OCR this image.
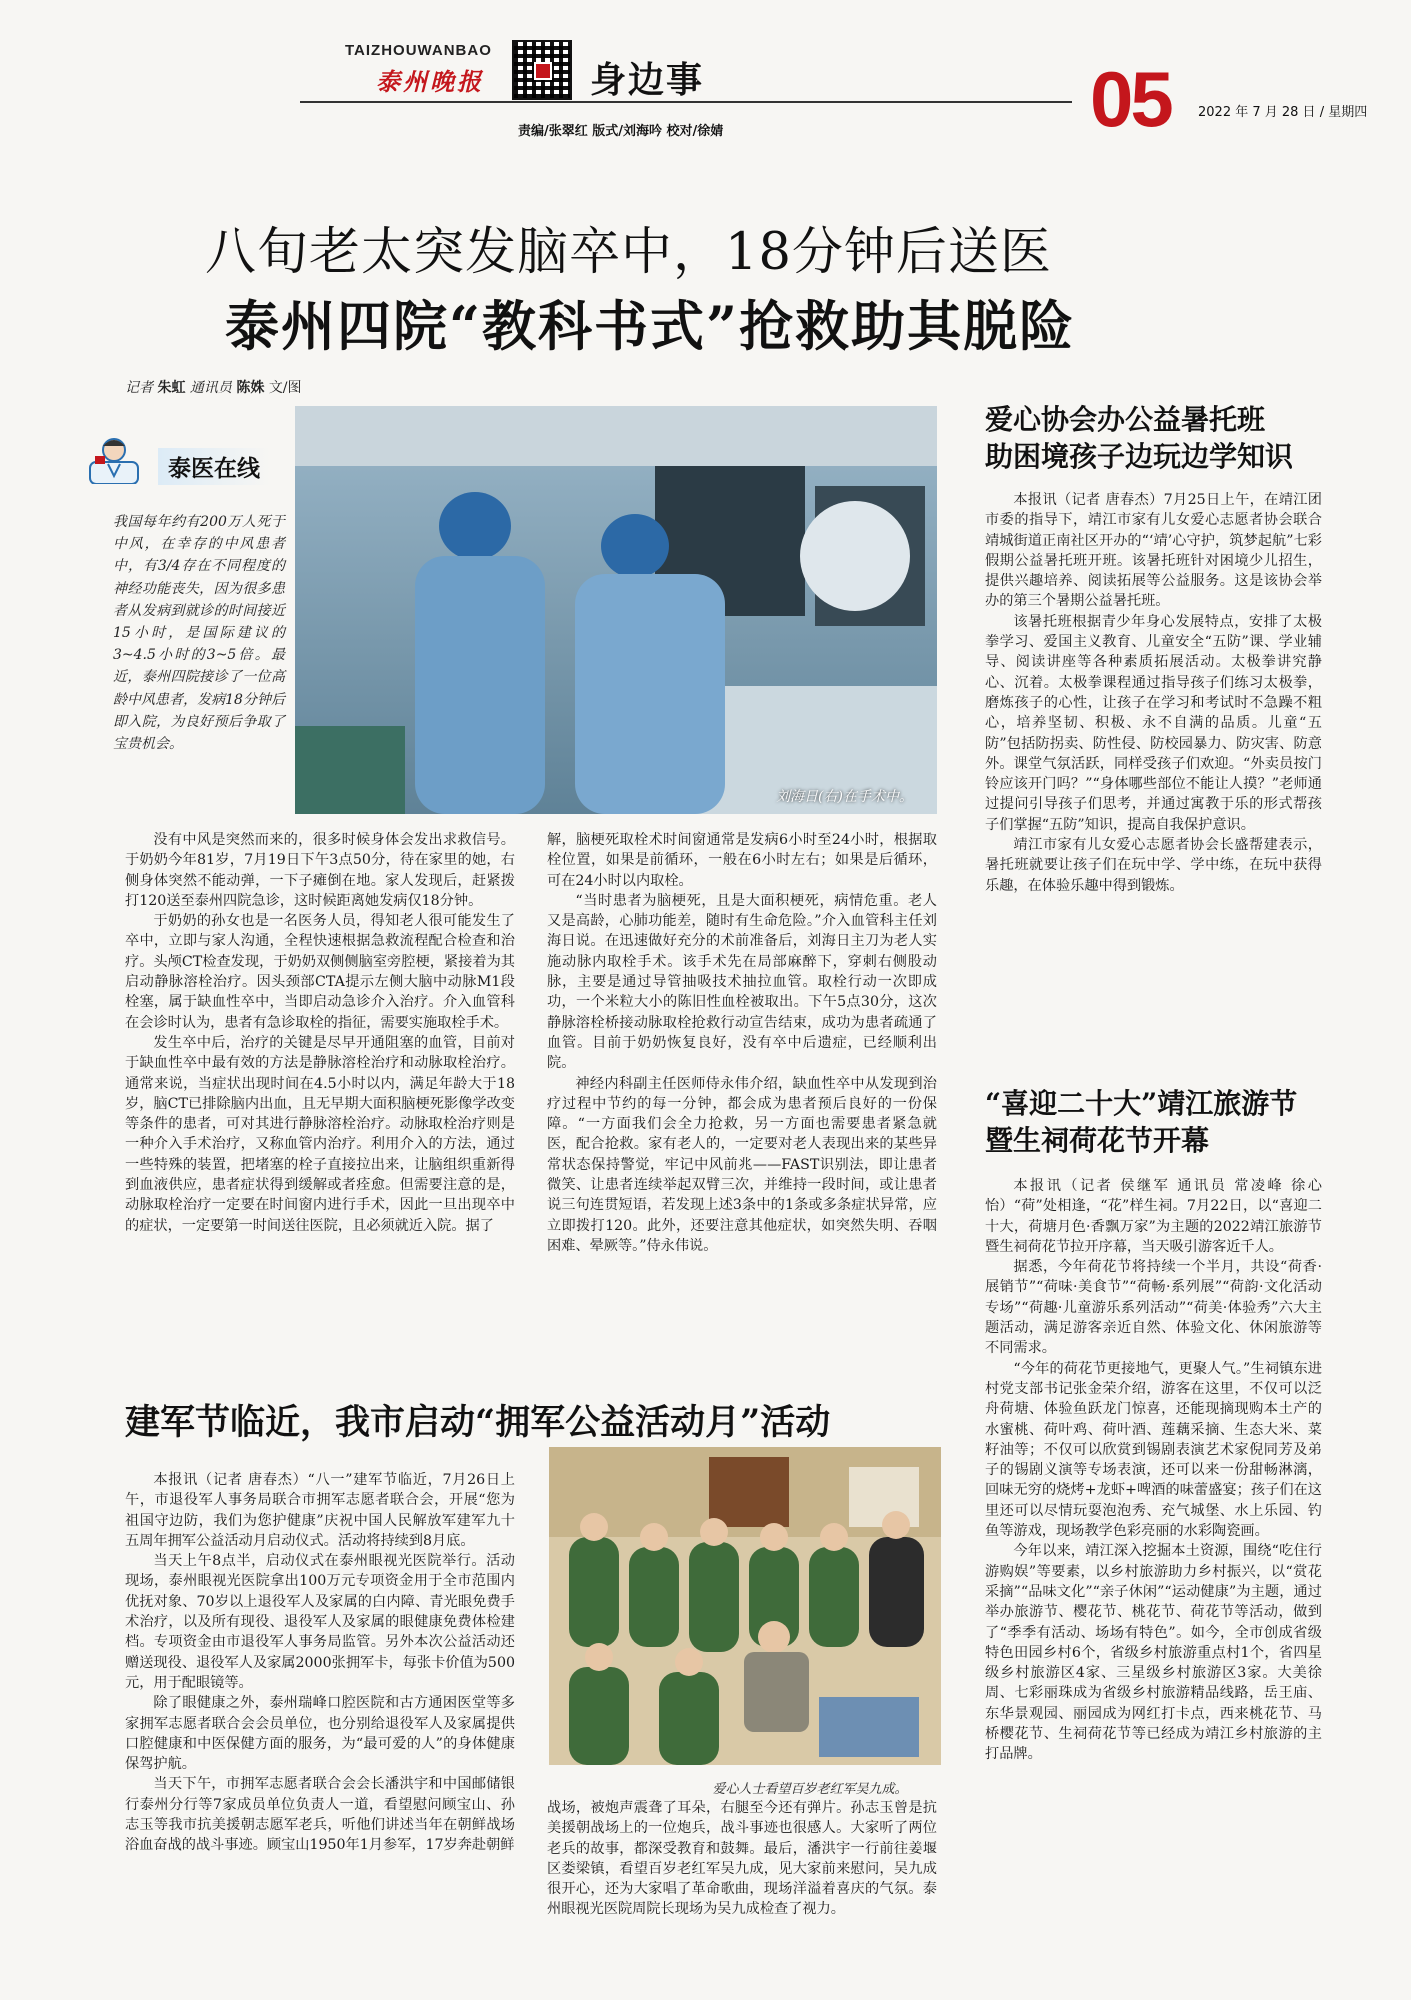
TAIZHOUWANBAO
泰州晚报	身边事	05 2022 年 7 月 28 日 / 星期四
责编/张翠红 版式/刘海吟 校对/徐婧
八旬老太突发脑卒中，18分钟后送医
泰州四院“教科书式”抢救助其脱险
记者 朱虹 通讯员 陈姝 文/图
泰医在线
我国每年约有200万人死于中风，在幸存的中风患者中，有3/4存在不同程度的神经功能丧失，因为很多患者从发病到就诊的时间接近15小时，是国际建议的3~4.5小时的3~5倍。最近，泰州四院接诊了一位高龄中风患者，发病18分钟后即入院，为良好预后争取了宝贵机会。
刘海日(右)在手术中。

没有中风是突然而来的，很多时候身体会发出求救信号。于奶奶今年81岁，7月19日下午3点50分，待在家里的她，右侧身体突然不能动弹，一下子瘫倒在地。家人发现后，赶紧拨打120送至泰州四院急诊，这时候距离她发病仅18分钟。

于奶奶的孙女也是一名医务人员，得知老人很可能发生了卒中，立即与家人沟通，全程快速根据急救流程配合检查和治疗。头颅CT检查发现，于奶奶双侧侧脑室旁腔梗，紧接着为其启动静脉溶栓治疗。因头颈部CTA提示左侧大脑中动脉M1段栓塞，属于缺血性卒中，当即启动急诊介入治疗。介入血管科在会诊时认为，患者有急诊取栓的指征，需要实施取栓手术。

发生卒中后，治疗的关键是尽早开通阻塞的血管，目前对于缺血性卒中最有效的方法是静脉溶栓治疗和动脉取栓治疗。通常来说，当症状出现时间在4.5小时以内，满足年龄大于18岁，脑CT已排除脑内出血，且无早期大面积脑梗死影像学改变等条件的患者，可对其进行静脉溶栓治疗。动脉取栓治疗则是一种介入手术治疗，又称血管内治疗。利用介入的方法，通过一些特殊的装置，把堵塞的栓子直接拉出来，让脑组织重新得到血液供应，患者症状得到缓解或者痊愈。但需要注意的是，动脉取栓治疗一定要在时间窗内进行手术，因此一旦出现卒中的症状，一定要第一时间送往医院，且必须就近入院。据了

解，脑梗死取栓术时间窗通常是发病6小时至24小时，根据取栓位置，如果是前循环，一般在6小时左右；如果是后循环，可在24小时以内取栓。

“当时患者为脑梗死，且是大面积梗死，病情危重。老人又是高龄，心肺功能差，随时有生命危险。”介入血管科主任刘海日说。在迅速做好充分的术前准备后，刘海日主刀为老人实施动脉内取栓手术。该手术先在局部麻醉下，穿刺右侧股动脉，主要是通过导管抽吸技术抽拉血管。取栓行动一次即成功，一个米粒大小的陈旧性血栓被取出。下午5点30分，这次静脉溶栓桥接动脉取栓抢救行动宣告结束，成功为患者疏通了血管。目前于奶奶恢复良好，没有卒中后遗症，已经顺利出院。

神经内科副主任医师侍永伟介绍，缺血性卒中从发现到治疗过程中节约的每一分钟，都会成为患者预后良好的一份保障。“一方面我们会全力抢救，另一方面也需要患者紧急就医，配合抢救。家有老人的，一定要对老人表现出来的某些异常状态保持警觉，牢记中风前兆——FAST识别法，即让患者微笑、让患者连续举起双臂三次，并维持一段时间，或让患者说三句连贯短语，若发现上述3条中的1条或多条症状异常，应立即拨打120。此外，还要注意其他症状，如突然失明、吞咽困难、晕厥等。”侍永伟说。

爱心协会办公益暑托班
助困境孩子边玩边学知识

本报讯（记者 唐春杰）7月25日上午，在靖江团市委的指导下，靖江市家有儿女爱心志愿者协会联合靖城街道正南社区开办的“‘靖’心守护，筑梦起航”七彩假期公益暑托班开班。该暑托班针对困境少儿招生，提供兴趣培养、阅读拓展等公益服务。这是该协会举办的第三个暑期公益暑托班。

该暑托班根据青少年身心发展特点，安排了太极拳学习、爱国主义教育、儿童安全“五防”课、学业辅导、阅读讲座等各种素质拓展活动。太极拳讲究静心、沉着。太极拳课程通过指导孩子们练习太极拳，磨炼孩子的心性，让孩子在学习和考试时不急躁不粗心，培养坚韧、积极、永不自满的品质。儿童“五防”包括防拐卖、防性侵、防校园暴力、防灾害、防意外。课堂气氛活跃，同样受孩子们欢迎。“外卖员按门铃应该开门吗？”“身体哪些部位不能让人摸？”老师通过提问引导孩子们思考，并通过寓教于乐的形式帮孩子们掌握“五防”知识，提高自我保护意识。

靖江市家有儿女爱心志愿者协会长盛帮建表示，暑托班就要让孩子们在玩中学、学中练，在玩中获得乐趣，在体验乐趣中得到锻炼。

“喜迎二十大”靖江旅游节
暨生祠荷花节开幕

本报讯（记者 侯继军 通讯员 常凌峰 徐心怡）“荷”处相逢，“花”样生祠。7月22日，以“喜迎二十大，荷塘月色·香飘万家”为主题的2022靖江旅游节暨生祠荷花节拉开序幕，当天吸引游客近千人。

据悉，今年荷花节将持续一个半月，共设“荷香·展销节”“荷味·美食节”“荷畅·系列展”“荷韵·文化活动专场”“荷趣·儿童游乐系列活动”“荷美·体验秀”六大主题活动，满足游客亲近自然、体验文化、休闲旅游等不同需求。

“今年的荷花节更接地气，更聚人气。”生祠镇东进村党支部书记张金荣介绍，游客在这里，不仅可以泛舟荷塘、体验鱼跃龙门惊喜，还能现摘现购本土产的水蜜桃、荷叶鸡、荷叶酒、莲藕采摘、生态大米、菜籽油等；不仅可以欣赏到锡剧表演艺术家倪同芳及弟子的锡剧义演等专场表演，还可以来一份甜畅淋漓，回味无穷的烧烤+龙虾+啤酒的味蕾盛宴；孩子们在这里还可以尽情玩耍泡泡秀、充气城堡、水上乐园、钓鱼等游戏，现场教学色彩亮丽的水彩陶瓷画。

今年以来，靖江深入挖掘本土资源，围绕“吃住行游购娱”等要素，以乡村旅游助力乡村振兴，以“赏花采摘”“品味文化”“亲子休闲”“运动健康”为主题，通过举办旅游节、樱花节、桃花节、荷花节等活动，做到了“季季有活动、场场有特色”。如今，全市创成省级特色田园乡村6个，省级乡村旅游重点村1个，省四星级乡村旅游区4家、三星级乡村旅游区3家。大美徐周、七彩丽珠成为省级乡村旅游精品线路，岳王庙、东华景观园、丽园成为网红打卡点，西来桃花节、马桥樱花节、生祠荷花节等已经成为靖江乡村旅游的主打品牌。

建军节临近，我市启动“拥军公益活动月”活动

本报讯（记者 唐春杰）“八一”建军节临近，7月26日上午，市退役军人事务局联合市拥军志愿者联合会，开展“您为祖国守边防，我们为您护健康”庆祝中国人民解放军建军九十五周年拥军公益活动月启动仪式。活动将持续到8月底。

当天上午8点半，启动仪式在泰州眼视光医院举行。活动现场，泰州眼视光医院拿出100万元专项资金用于全市范围内优抚对象、70岁以上退役军人及家属的白内障、青光眼免费手术治疗，以及所有现役、退役军人及家属的眼健康免费体检建档。专项资金由市退役军人事务局监管。另外本次公益活动还赠送现役、退役军人及家属2000张拥军卡，每张卡价值为500元，用于配眼镜等。

除了眼健康之外，泰州瑞峰口腔医院和古方通困医堂等多家拥军志愿者联合会会员单位，也分别给退役军人及家属提供口腔健康和中医保健方面的服务，为“最可爱的人”的身体健康保驾护航。

当天下午，市拥军志愿者联合会会长潘洪宇和中国邮储银行泰州分行等7家成员单位负责人一道，看望慰问顾宝山、孙志玉等我市抗美援朝志愿军老兵，听他们讲述当年在朝鲜战场浴血奋战的战斗事迹。顾宝山1950年1月参军，17岁奔赴朝鲜

爱心人士看望百岁老红军吴九成。

战场，被炮声震聋了耳朵，右腿至今还有弹片。孙志玉曾是抗美援朝战场上的一位炮兵，战斗事迹也很感人。大家听了两位老兵的故事，都深受教育和鼓舞。最后，潘洪宇一行前往姜堰区娄梁镇，看望百岁老红军吴九成，见大家前来慰问，吴九成很开心，还为大家唱了革命歌曲，现场洋溢着喜庆的气氛。泰州眼视光医院周院长现场为吴九成检查了视力。
